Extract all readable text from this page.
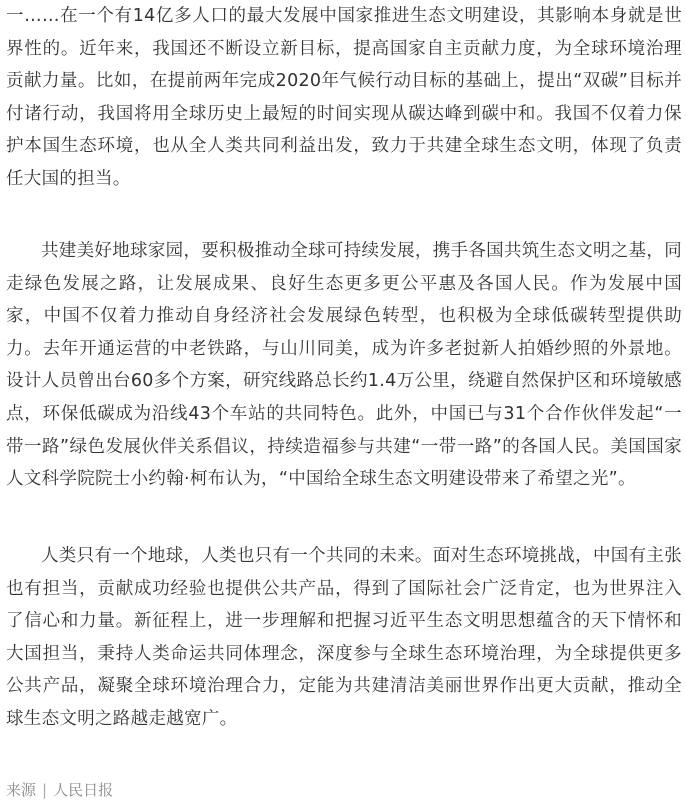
一……在一个有14亿多人口的最大发展中国家推进生态文明建设，其影响本身就是世界性的。近年来，我国还不断设立新目标，提高国家自主贡献力度，为全球环境治理贡献力量。比如，在提前两年完成2020年气候行动目标的基础上，提出“双碳”目标并付诸行动，我国将用全球历史上最短的时间实现从碳达峰到碳中和。我国不仅着力保护本国生态环境，也从全人类共同利益出发，致力于共建全球生态文明，体现了负责任大国的担当。

共建美好地球家园，要积极推动全球可持续发展，携手各国共筑生态文明之基，同走绿色发展之路，让发展成果、良好生态更多更公平惠及各国人民。作为发展中国家，中国不仅着力推动自身经济社会发展绿色转型，也积极为全球低碳转型提供助力。去年开通运营的中老铁路，与山川同美，成为许多老挝新人拍婚纱照的外景地。设计人员曾出台60多个方案，研究线路总长约1.4万公里，绕避自然保护区和环境敏感点，环保低碳成为沿线43个车站的共同特色。此外，中国已与31个合作伙伴发起“一带一路”绿色发展伙伴关系倡议，持续造福参与共建“一带一路”的各国人民。美国国家人文科学院院士小约翰·柯布认为，“中国给全球生态文明建设带来了希望之光”。

人类只有一个地球，人类也只有一个共同的未来。面对生态环境挑战，中国有主张也有担当，贡献成功经验也提供公共产品，得到了国际社会广泛肯定，也为世界注入了信心和力量。新征程上，进一步理解和把握习近平生态文明思想蕴含的天下情怀和大国担当，秉持人类命运共同体理念，深度参与全球生态环境治理，为全球提供更多公共产品，凝聚全球环境治理合力，定能为共建清洁美丽世界作出更大贡献，推动全球生态文明之路越走越宽广。

来源 | 人民日报
